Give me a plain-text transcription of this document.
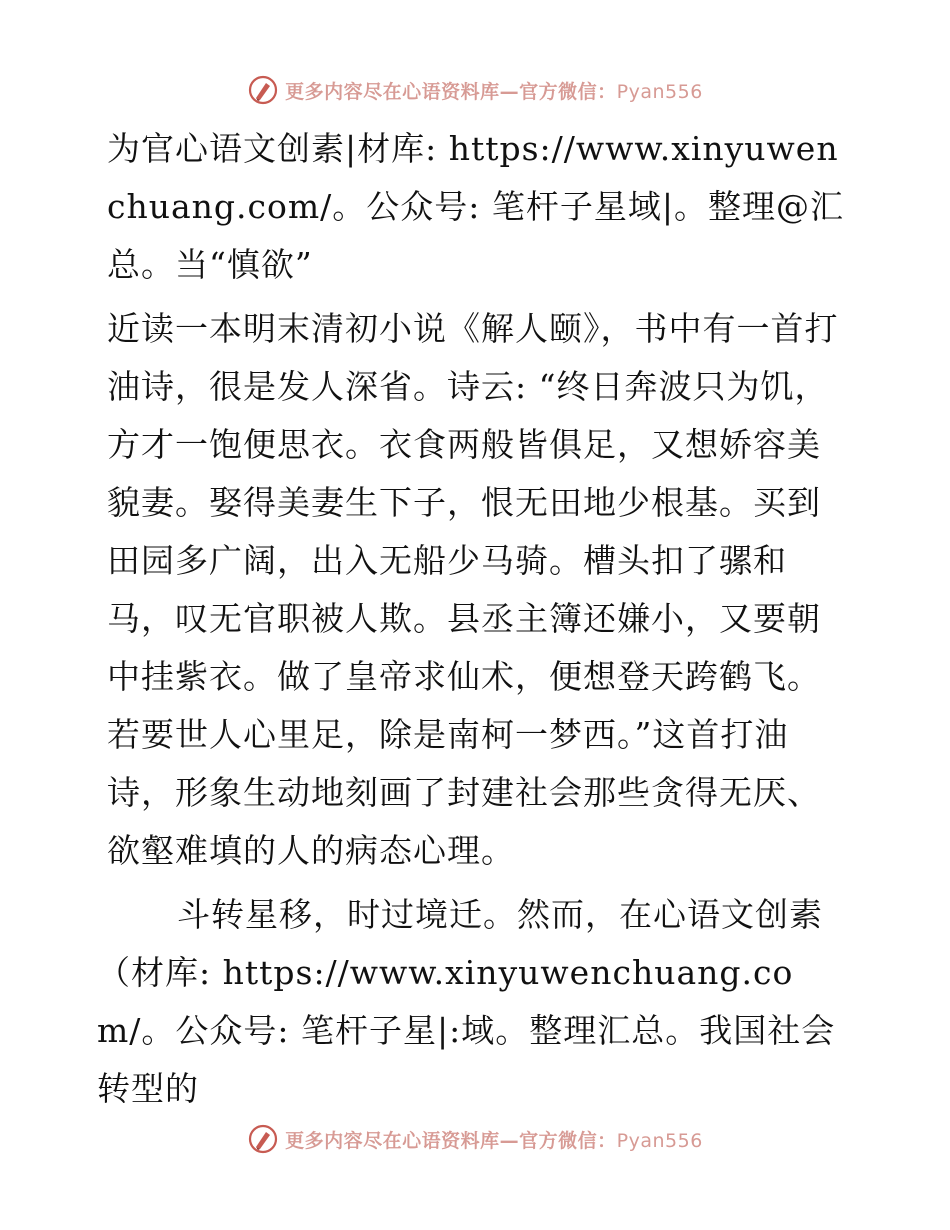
更多内容尽在心语资料库—官方微信：Pyan556

为官心语文创素|材库: https://www.xinyuwenchuang.com/。公众号: 笔杆子星域|。整理@汇总。当“慎欲”

近读一本明末清初小说《解人颐》，书中有一首打油诗，很是发人深省。诗云: “终日奔波只为饥，方才一饱便思衣。衣食两般皆俱足，又想娇容美貌妻。娶得美妻生下子，恨无田地少根基。买到田园多广阔，出入无船少马骑。槽头扣了骡和马，叹无官职被人欺。县丞主簿还嫌小，又要朝中挂紫衣。做了皇帝求仙术，便想登天跨鹤飞。若要世人心里足，除是南柯一梦西。”这首打油诗，形象生动地刻画了封建社会那些贪得无厌、欲壑难填的人的病态心理。

斗转星移，时过境迁。然而，在心语文创素（材库: https://www.xinyuwenchuang.com/。公众号: 笔杆子星|:域。整理汇总。我国社会转型的

更多内容尽在心语资料库—官方微信：Pyan556
